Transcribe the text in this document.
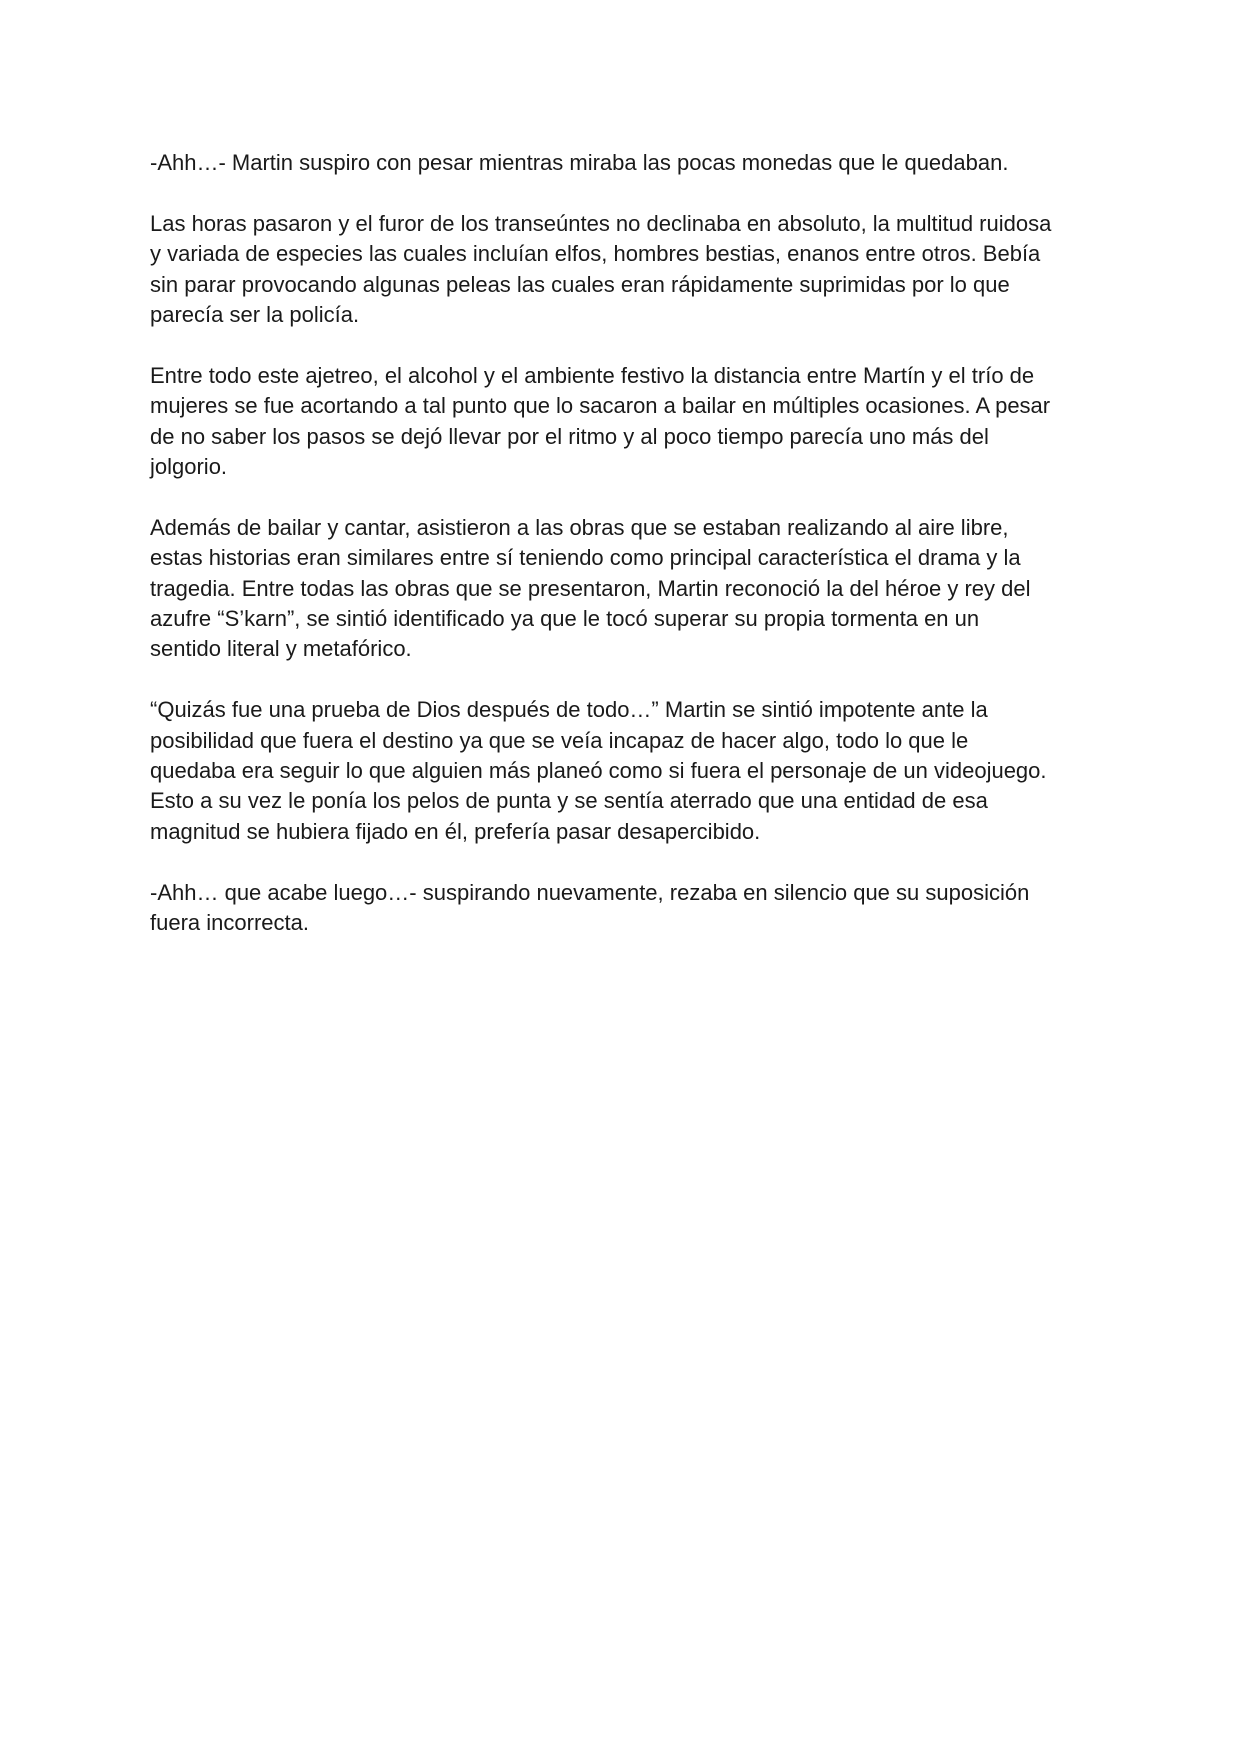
-Ahh…- Martin suspiro con pesar mientras miraba las pocas monedas que le quedaban.

Las horas pasaron y el furor de los transeúntes no declinaba en absoluto, la multitud ruidosa
y variada de especies las cuales incluían elfos, hombres bestias, enanos entre otros. Bebía
sin parar provocando algunas peleas las cuales eran rápidamente suprimidas por lo que
parecía ser la policía.

Entre todo este ajetreo, el alcohol y el ambiente festivo la distancia entre Martín y el trío de
mujeres se fue acortando a tal punto que lo sacaron a bailar en múltiples ocasiones. A pesar
de no saber los pasos se dejó llevar por el ritmo y al poco tiempo parecía uno más del
jolgorio.

Además de bailar y cantar, asistieron a las obras que se estaban realizando al aire libre,
estas historias eran similares entre sí teniendo como principal característica el drama y la
tragedia. Entre todas las obras que se presentaron, Martin reconoció la del héroe y rey del
azufre “S’karn”, se sintió identificado ya que le tocó superar su propia tormenta en un
sentido literal y metafórico.

“Quizás fue una prueba de Dios después de todo…” Martin se sintió impotente ante la
posibilidad que fuera el destino ya que se veía incapaz de hacer algo, todo lo que le
quedaba era seguir lo que alguien más planeó como si fuera el personaje de un videojuego.
Esto a su vez le ponía los pelos de punta y se sentía aterrado que una entidad de esa
magnitud se hubiera fijado en él, prefería pasar desapercibido.

-Ahh… que acabe luego…- suspirando nuevamente, rezaba en silencio que su suposición
fuera incorrecta.
